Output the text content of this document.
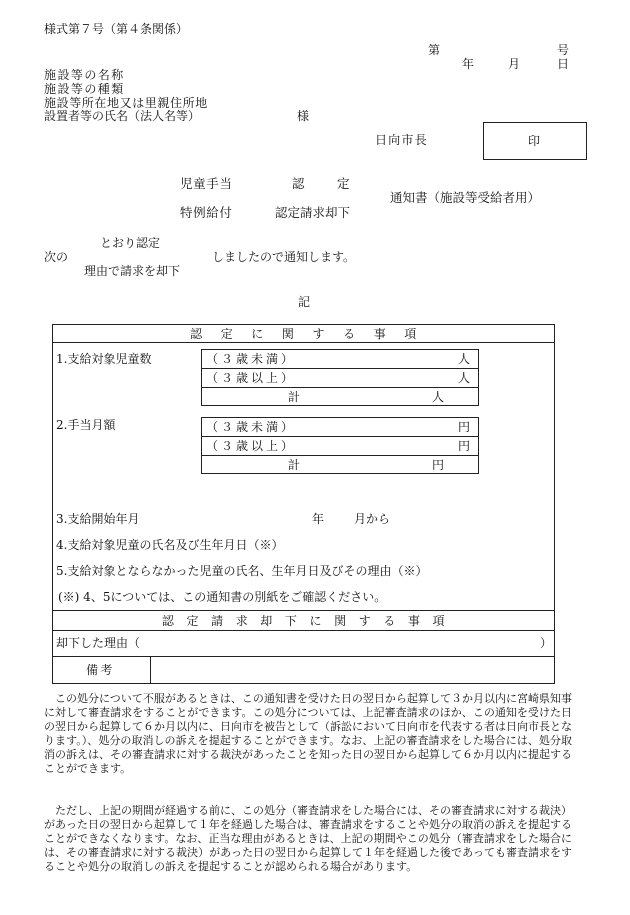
様式第７号（第４条関係）
第	号
年	月	日
施設等の名称
施設等の種類
施設等所在地又は里親住所地
設置者等の氏名（法人名等）	様
日向市長	印
児童手当
特例給付
認　定
認定請求却下
通知書（施設等受給者用）
とおり認定
次の	しましたので通知します。
理由で請求を却下
記
認定に関する事項
1.支給対象児童数	（３歳未満）	人
（３歳以上）	人
計	人
2.手当月額	（３歳未満）	円
（３歳以上）	円
計	円
3.支給開始年月	年 月から
4.支給対象児童の氏名及び生年月日（※）
5.支給対象とならなかった児童の氏名、生年月日及びその理由（※）
(※) 4、5については、この通知書の別紙をご確認ください。
認定請求却下に関する事項
却下した理由（	）
備考
　この処分について不服があるときは、この通知書を受けた日の翌日から起算して３か月以内に宮崎県知事に対して審査請求をすることができます。この処分については、上記審査請求のほか、この通知を受けた日の翌日から起算して６か月以内に、日向市を被告として（訴訟において日向市を代表する者は日向市長となります。）、処分の取消しの訴えを提起することができます。なお、上記の審査請求をした場合には、処分取消の訴えは、その審査請求に対する裁決があったことを知った日の翌日から起算して６か月以内に提起することができます。
　ただし、上記の期間が経過する前に、この処分（審査請求をした場合には、その審査請求に対する裁決）があった日の翌日から起算して１年を経過した場合は、審査請求をすることや処分の取消の訴えを提起することができなくなります。なお、正当な理由があるときは、上記の期間やこの処分（審査請求をした場合には、その審査請求に対する裁決）があった日の翌日から起算して１年を経過した後であっても審査請求をすることや処分の取消しの訴えを提起することが認められる場合があります。
